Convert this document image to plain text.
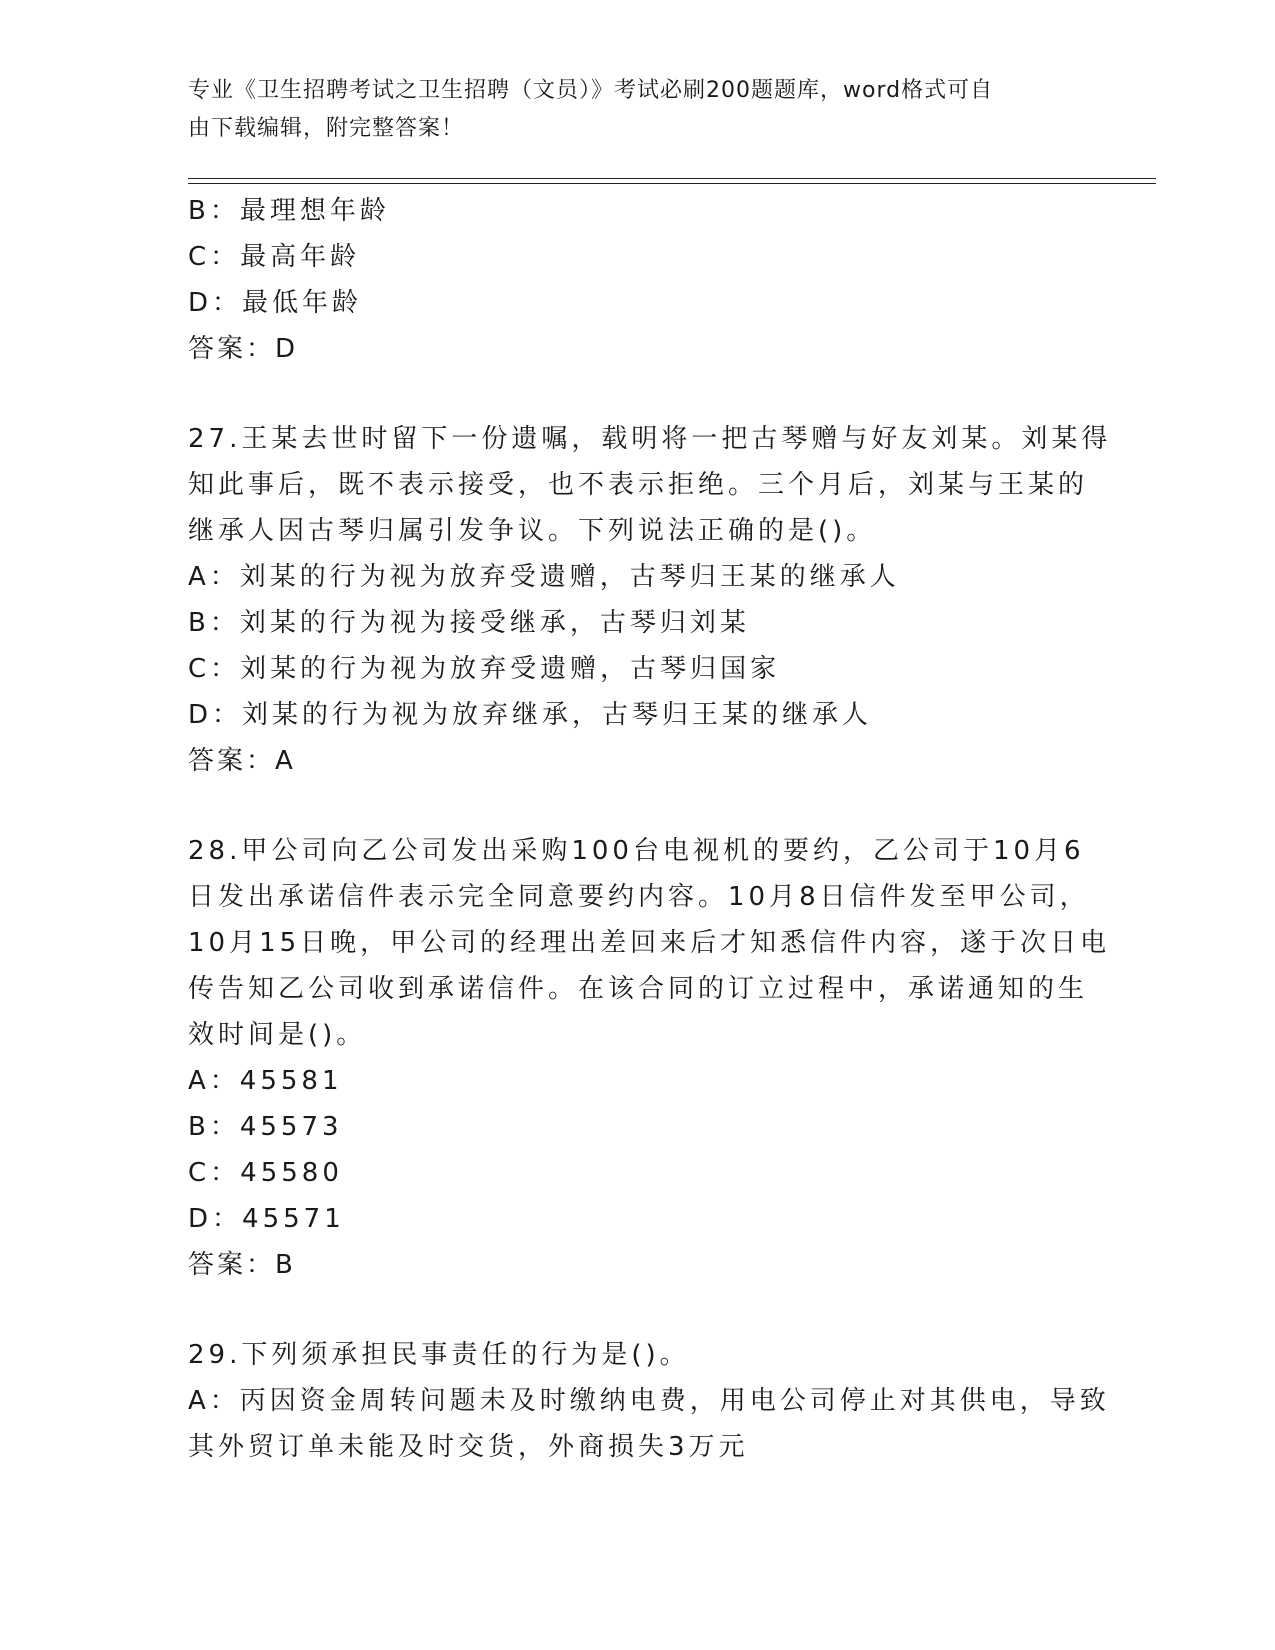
专业《卫生招聘考试之卫生招聘（文员）》考试必刷200题题库，word格式可自
由下载编辑，附完整答案！
B：最理想年龄
C：最高年龄
D：最低年龄
答案：D
27.王某去世时留下一份遗嘱，载明将一把古琴赠与好友刘某。刘某得
知此事后，既不表示接受，也不表示拒绝。三个月后，刘某与王某的
继承人因古琴归属引发争议。下列说法正确的是()。
A：刘某的行为视为放弃受遗赠，古琴归王某的继承人
B：刘某的行为视为接受继承，古琴归刘某
C：刘某的行为视为放弃受遗赠，古琴归国家
D：刘某的行为视为放弃继承，古琴归王某的继承人
答案：A
28.甲公司向乙公司发出采购100台电视机的要约，乙公司于10月6
日发出承诺信件表示完全同意要约内容。10月8日信件发至甲公司，
10月15日晚，甲公司的经理出差回来后才知悉信件内容，遂于次日电
传告知乙公司收到承诺信件。在该合同的订立过程中，承诺通知的生
效时间是()。
A：45581
B：45573
C：45580
D：45571
答案：B
29.下列须承担民事责任的行为是()。
A：丙因资金周转问题未及时缴纳电费，用电公司停止对其供电，导致
其外贸订单未能及时交货，外商损失3万元
